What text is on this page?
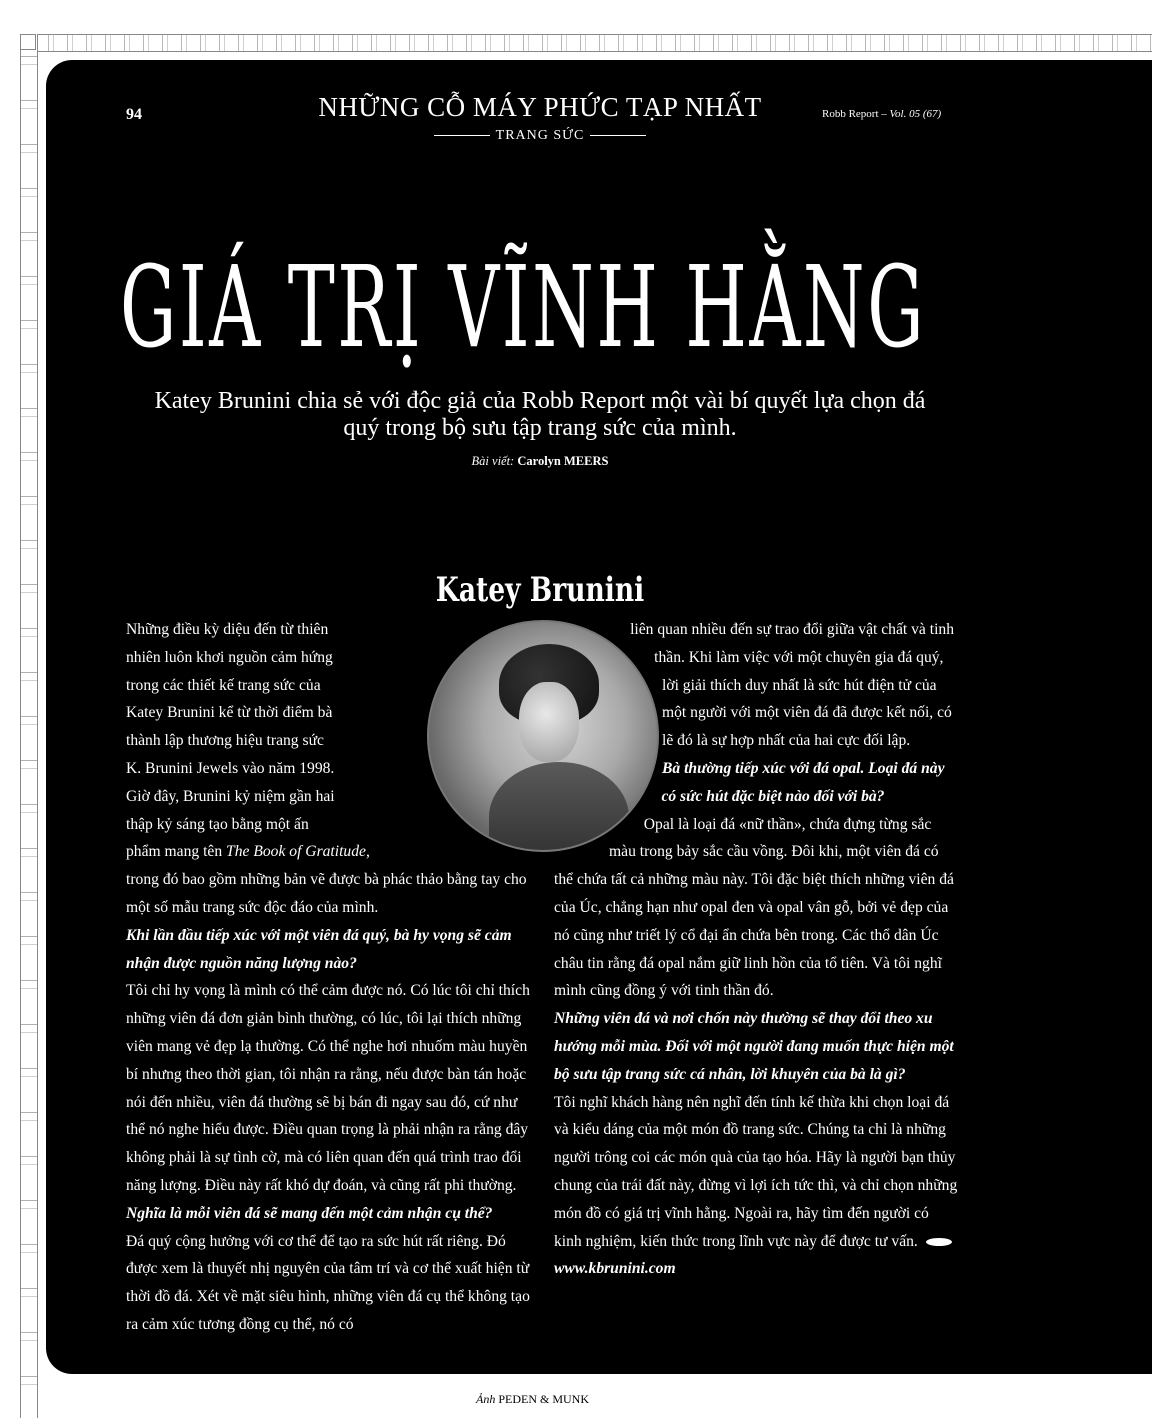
94	NHỮNG CỖ MÁY PHỨC TẠP NHẤT
TRANG SỨC
Robb Report – Vol. 05 (67)
GIÁ TRỊ VĨNH HẰNG
Katey Brunini chia sẻ với độc giả của Robb Report một vài bí quyết lựa chọn đá quý trong bộ sưu tập trang sức của mình.
Bài viết: Carolyn MEERS
Katey Brunini

Những điều kỳ diệu đến từ thiên nhiên luôn khơi nguồn cảm hứng trong các thiết kế trang sức của Katey Brunini kể từ thời điểm bà thành lập thương hiệu trang sức K. Brunini Jewels vào năm 1998. Giờ đây, Brunini kỷ niệm gần hai thập kỷ sáng tạo bằng một ấn phẩm mang tên The Book of Gratitude, trong đó bao gồm những bản vẽ được bà phác thảo bằng tay cho một số mẫu trang sức độc đáo của mình.

Khi lần đầu tiếp xúc với một viên đá quý, bà hy vọng sẽ cảm nhận được nguồn năng lượng nào?

Tôi chỉ hy vọng là mình có thể cảm được nó. Có lúc tôi chỉ thích những viên đá đơn giản bình thường, có lúc, tôi lại thích những viên mang vẻ đẹp lạ thường. Có thể nghe hơi nhuốm màu huyền bí nhưng theo thời gian, tôi nhận ra rằng, nếu được bàn tán hoặc nói đến nhiều, viên đá thường sẽ bị bán đi ngay sau đó, cứ như thể nó nghe hiểu được. Điều quan trọng là phải nhận ra rằng đây không phải là sự tình cờ, mà có liên quan đến quá trình trao đổi năng lượng. Điều này rất khó dự đoán, và cũng rất phi thường.

Nghĩa là mỗi viên đá sẽ mang đến một cảm nhận cụ thể?

Đá quý cộng hưởng với cơ thể để tạo ra sức hút rất riêng. Đó được xem là thuyết nhị nguyên của tâm trí và cơ thể xuất hiện từ thời đồ đá. Xét về mặt siêu hình, những viên đá cụ thể không tạo ra cảm xúc tương đồng cụ thể, nó có

liên quan nhiều đến sự trao đổi giữa vật chất và tinh thần. Khi làm việc với một chuyên gia đá quý, lời giải thích duy nhất là sức hút điện tử của một người với một viên đá đã được kết nối, có lẽ đó là sự hợp nhất của hai cực đối lập.

Bà thường tiếp xúc với đá opal. Loại đá này có sức hút đặc biệt nào đối với bà?

Opal là loại đá «nữ thần», chứa đựng từng sắc màu trong bảy sắc cầu vồng. Đôi khi, một viên đá có thể chứa tất cả những màu này. Tôi đặc biệt thích những viên đá của Úc, chẳng hạn như opal đen và opal vân gỗ, bởi vẻ đẹp của nó cũng như triết lý cổ đại ẩn chứa bên trong. Các thổ dân Úc châu tin rằng đá opal nắm giữ linh hồn của tổ tiên. Và tôi nghĩ mình cũng đồng ý với tinh thần đó.

Những viên đá và nơi chốn này thường sẽ thay đổi theo xu hướng mỗi mùa. Đối với một người đang muốn thực hiện một bộ sưu tập trang sức cá nhân, lời khuyên của bà là gì?

Tôi nghĩ khách hàng nên nghĩ đến tính kế thừa khi chọn loại đá và kiểu dáng của một món đồ trang sức. Chúng ta chỉ là những người trông coi các món quà của tạo hóa. Hãy là người bạn thủy chung của trái đất này, đừng vì lợi ích tức thì, và chỉ chọn những món đồ có giá trị vĩnh hằng. Ngoài ra, hãy tìm đến người có kinh nghiệm, kiến thức trong lĩnh vực này để được tư vấn.

www.kbrunini.com

Ảnh PEDEN & MUNK
